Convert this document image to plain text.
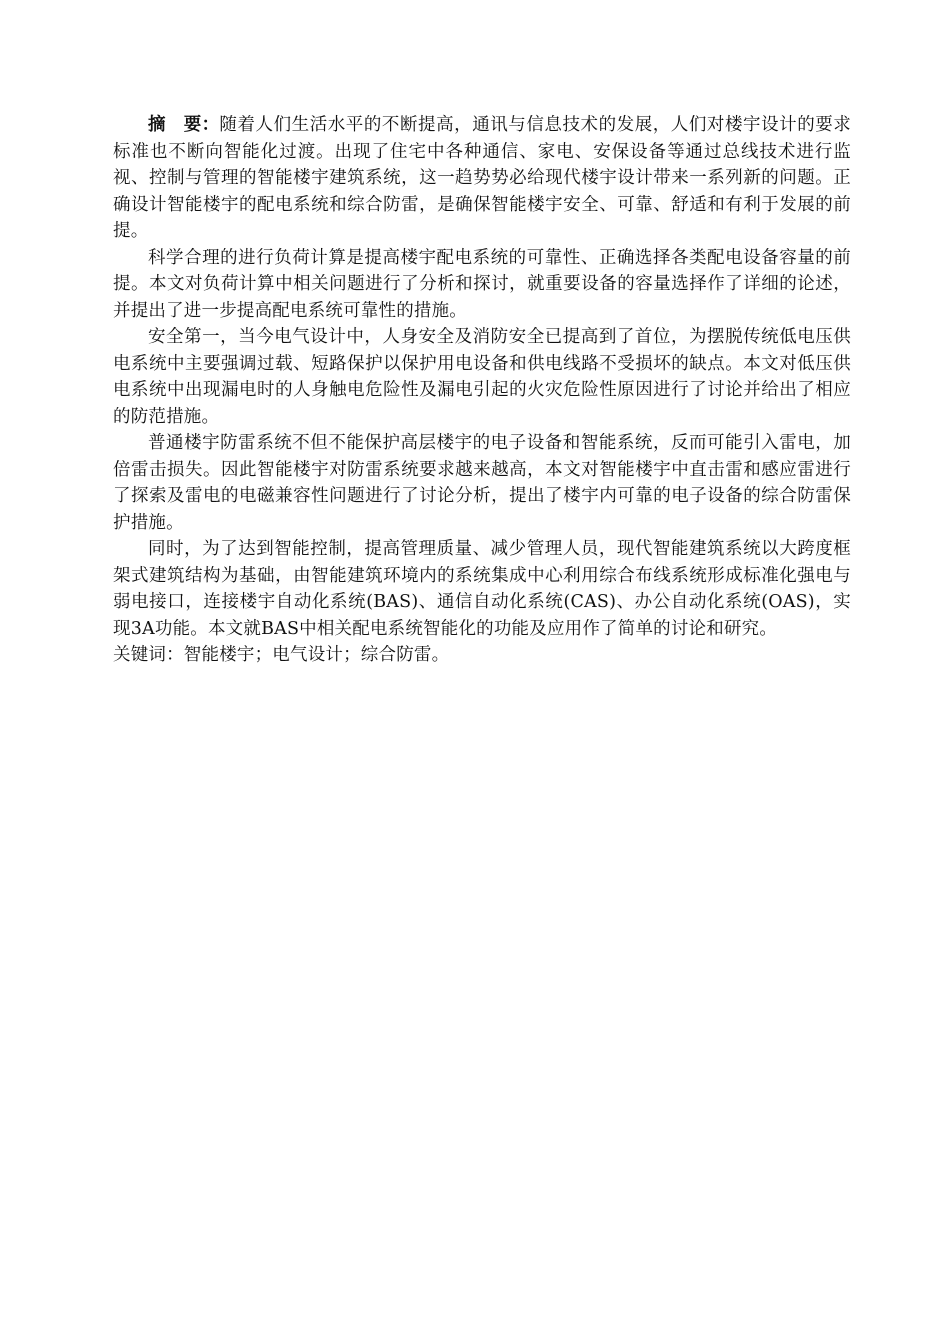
摘　要：随着人们生活水平的不断提高，通讯与信息技术的发展，人们对楼宇设计的要求标准也不断向智能化过渡。出现了住宅中各种通信、家电、安保设备等通过总线技术进行监视、控制与管理的智能楼宇建筑系统，这一趋势势必给现代楼宇设计带来一系列新的问题。正确设计智能楼宇的配电系统和综合防雷，是确保智能楼宇安全、可靠、舒适和有利于发展的前提。

科学合理的进行负荷计算是提高楼宇配电系统的可靠性、正确选择各类配电设备容量的前提。本文对负荷计算中相关问题进行了分析和探讨，就重要设备的容量选择作了详细的论述，并提出了进一步提高配电系统可靠性的措施。

安全第一，当今电气设计中，人身安全及消防安全已提高到了首位，为摆脱传统低电压供电系统中主要强调过载、短路保护以保护用电设备和供电线路不受损坏的缺点。本文对低压供电系统中出现漏电时的人身触电危险性及漏电引起的火灾危险性原因进行了讨论并给出了相应的防范措施。

普通楼宇防雷系统不但不能保护高层楼宇的电子设备和智能系统，反而可能引入雷电，加倍雷击损失。因此智能楼宇对防雷系统要求越来越高，本文对智能楼宇中直击雷和感应雷进行了探索及雷电的电磁兼容性问题进行了讨论分析，提出了楼宇内可靠的电子设备的综合防雷保护措施。

同时，为了达到智能控制，提高管理质量、减少管理人员，现代智能建筑系统以大跨度框架式建筑结构为基础，由智能建筑环境内的系统集成中心利用综合布线系统形成标准化强电与弱电接口，连接楼宇自动化系统(BAS)、通信自动化系统(CAS)、办公自动化系统(OAS)，实现3A功能。本文就BAS中相关配电系统智能化的功能及应用作了简单的讨论和研究。

关键词：智能楼宇；电气设计；综合防雷。
